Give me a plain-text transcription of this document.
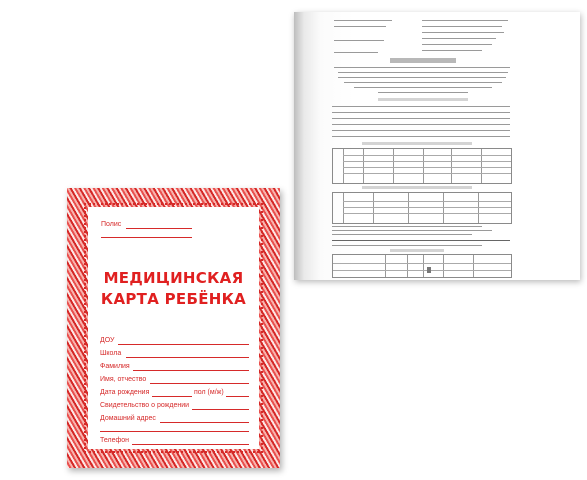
Полис
МЕДИЦИНСКАЯ
КАРТА РЕБЁНКА
ДОУ
Школа
Фамилия
Имя, отчество
Дата рождения	пол (м/ж)
Свидетельство о рождении
Домашний адрес
Телефон
